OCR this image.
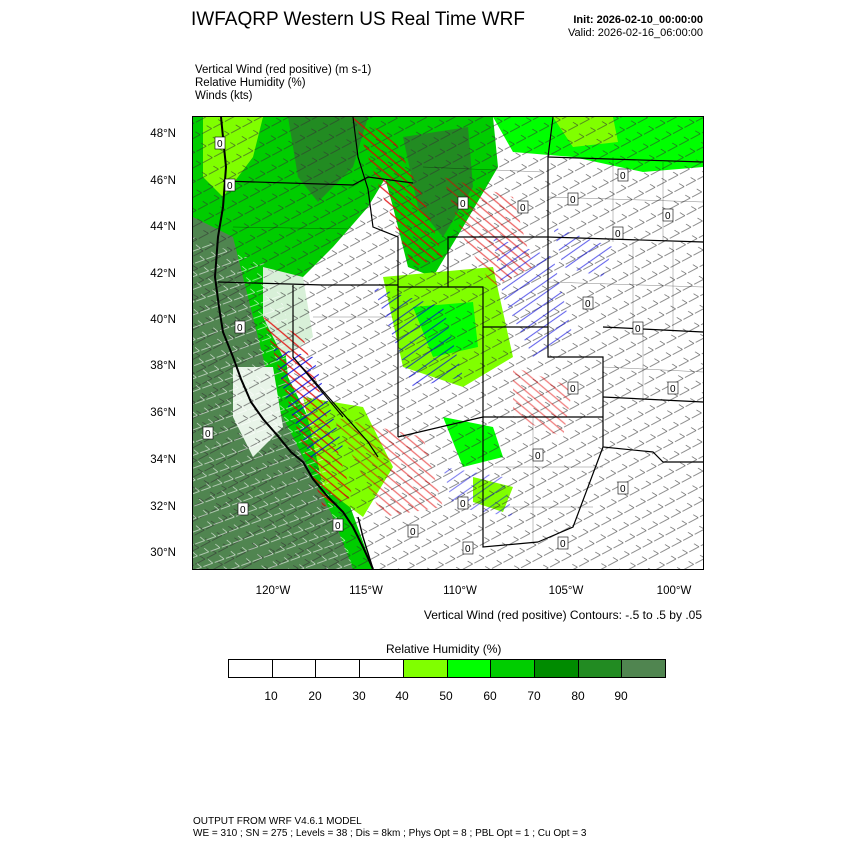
IWFAQRP Western US Real Time WRF	Init: 2026-02-10_00:00:00
Valid: 2026-02-16_06:00:00
Vertical Wind (red positive) (m s-1)
Relative Humidity (%)
Winds (kts)
48°N
46°N
44°N
42°N
40°N
38°N
36°N
34°N
32°N
30°N
0
0
0	0
0
0
0
0
0
0
0
0	0
0
0
0
0
0
0
0
0
0
120°W	115°W	110°W	105°W	100°W
Vertical Wind (red positive) Contours: -.5 to .5 by .05
Relative Humidity (%)
10	20	30	40	50	60	70	80	90
OUTPUT FROM WRF V4.6.1 MODEL
WE = 310 ; SN = 275 ; Levels = 38 ; Dis = 8km ; Phys Opt = 8 ; PBL Opt = 1 ; Cu Opt = 3
